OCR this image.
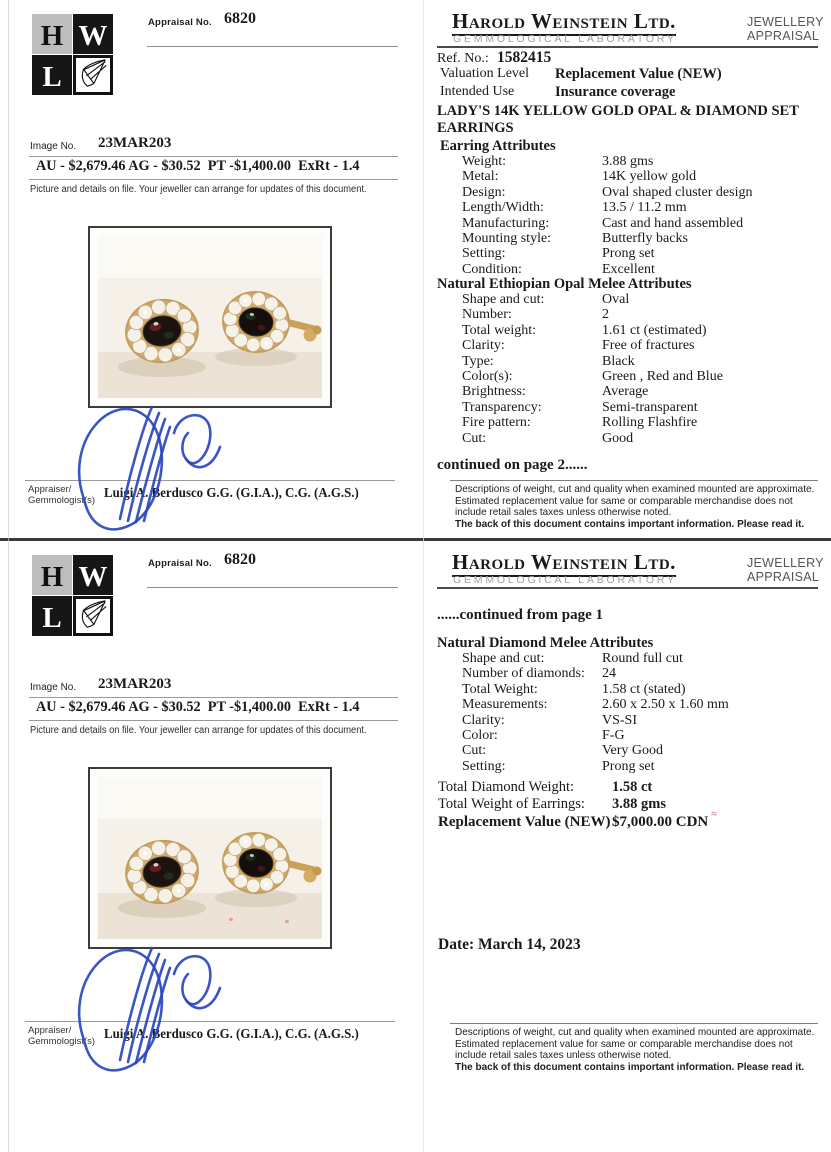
H W
L
Appraisal No. 6820
Image No. 23MAR203
AU - $2,679.46 AG - $30.52  PT -$1,400.00  ExRt - 1.4
Picture and details on file. Your jeweller can arrange for updates of this document.
Appraiser/
Gemmologist(s) Luigi A. Berdusco G.G. (G.I.A.), C.G. (A.G.S.)
Harold Weinstein Ltd.
GEMMOLOGICAL LABORATORY
JEWELLERY
APPRAISAL
Ref. No.: 1582415
Valuation Level	Replacement Value (NEW)
Intended Use	Insurance coverage
LADY'S 14K YELLOW GOLD OPAL & DIAMOND SET
EARRINGS
Earring Attributes
Weight:	3.88 gms
Metal:	14K yellow gold
Design:	Oval shaped cluster design
Length/Width:	13.5 / 11.2 mm
Manufacturing:	Cast and hand assembled
Mounting style:	Butterfly backs
Setting:	Prong set
Condition:	Excellent
Natural Ethiopian Opal Melee Attributes
Shape and cut:	Oval
Number:	2
Total weight:	1.61 ct (estimated)
Clarity:	Free of fractures
Type:	Black
Color(s):	Green , Red and Blue
Brightness:	Average
Transparency:	Semi-transparent
Fire pattern:	Rolling Flashfire
Cut:	Good
continued on page 2......
Descriptions of weight, cut and quality when examined mounted are approximate.
Estimated replacement value for same or comparable merchandise does not
include retail sales taxes unless otherwise noted.
The back of this document contains important information. Please read it.
H W
L
Appraisal No. 6820
Image No. 23MAR203
AU - $2,679.46 AG - $30.52  PT -$1,400.00  ExRt - 1.4
Picture and details on file. Your jeweller can arrange for updates of this document.
Appraiser/
Gemmologist(s) Luigi A. Berdusco G.G. (G.I.A.), C.G. (A.G.S.)
Harold Weinstein Ltd.
GEMMOLOGICAL LABORATORY
JEWELLERY
APPRAISAL
......continued from page 1
Natural Diamond Melee Attributes
Shape and cut:	Round full cut
Number of diamonds:	24
Total Weight:	1.58 ct (stated)
Measurements:	2.60 x 2.50 x 1.60 mm
Clarity:	VS-SI
Color:	F-G
Cut:	Very Good
Setting:	Prong set
Total Diamond Weight:	1.58 ct
Total Weight of Earrings:	3.88 gms
Replacement Value (NEW) $7,000.00 CDN ≈
Date: March 14, 2023
Descriptions of weight, cut and quality when examined mounted are approximate.
Estimated replacement value for same or comparable merchandise does not
include retail sales taxes unless otherwise noted.
The back of this document contains important information. Please read it.
